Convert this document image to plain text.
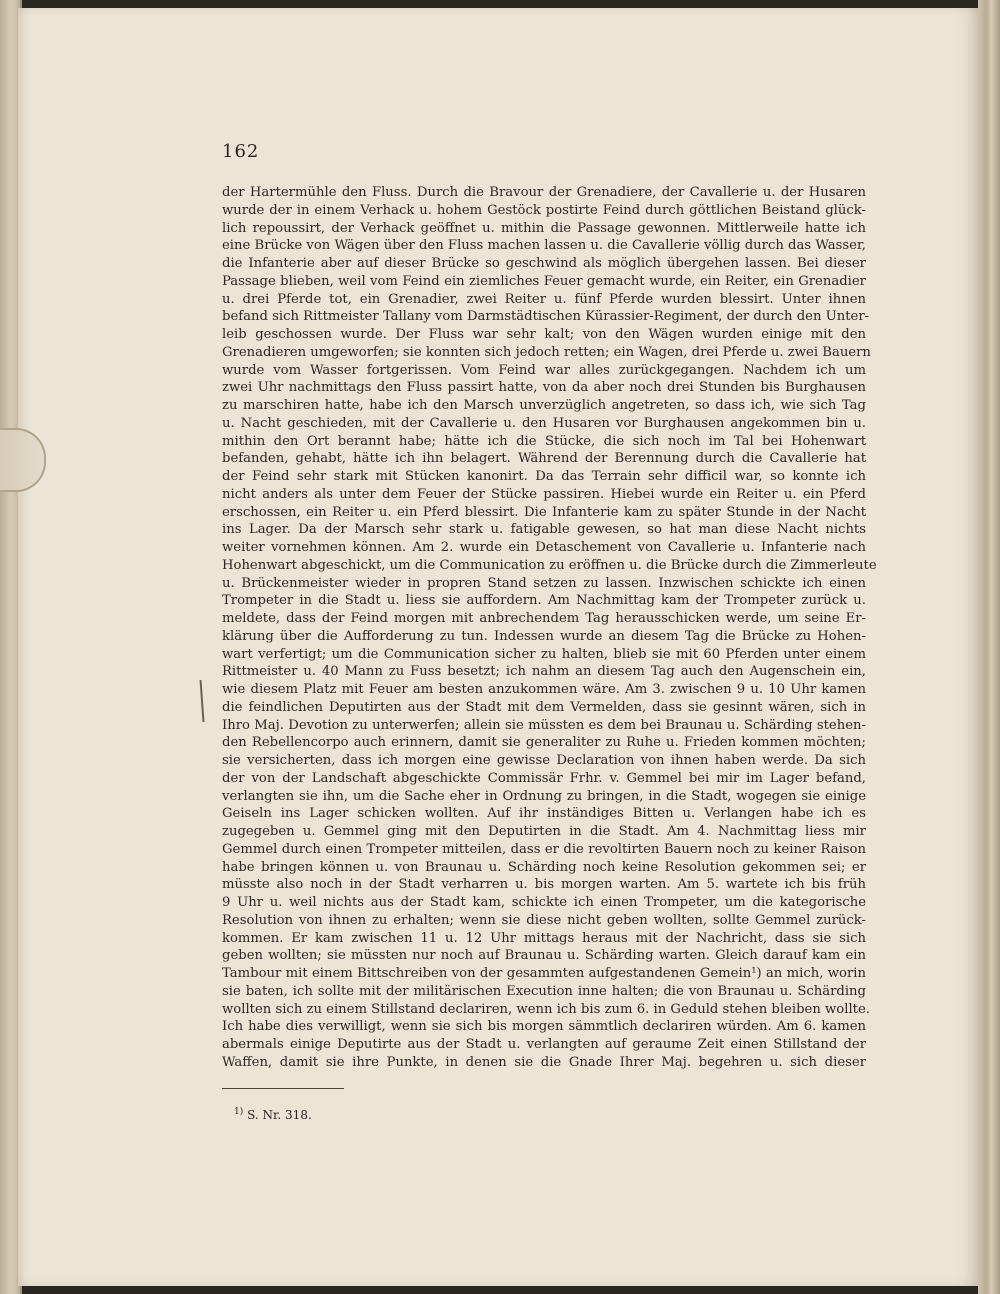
162
der Hartermühle den Fluss. Durch die Bravour der Grenadiere, der Cavallerie u. der Husaren
wurde der in einem Verhack u. hohem Gestöck postirte Feind durch göttlichen Beistand glück-
lich repoussirt, der Verhack geöffnet u. mithin die Passage gewonnen. Mittlerweile hatte ich
eine Brücke von Wägen über den Fluss machen lassen u. die Cavallerie völlig durch das Wasser,
die Infanterie aber auf dieser Brücke so geschwind als möglich übergehen lassen. Bei dieser
Passage blieben, weil vom Feind ein ziemliches Feuer gemacht wurde, ein Reiter, ein Grenadier
u. drei Pferde tot, ein Grenadier, zwei Reiter u. fünf Pferde wurden blessirt. Unter ihnen
befand sich Rittmeister Tallany vom Darmstädtischen Kürassier-Regiment, der durch den Unter-
leib geschossen wurde. Der Fluss war sehr kalt; von den Wägen wurden einige mit den
Grenadieren umgeworfen; sie konnten sich jedoch retten; ein Wagen, drei Pferde u. zwei Bauern
wurde vom Wasser fortgerissen. Vom Feind war alles zurückgegangen. Nachdem ich um
zwei Uhr nachmittags den Fluss passirt hatte, von da aber noch drei Stunden bis Burghausen
zu marschiren hatte, habe ich den Marsch unverzüglich angetreten, so dass ich, wie sich Tag
u. Nacht geschieden, mit der Cavallerie u. den Husaren vor Burghausen angekommen bin u.
mithin den Ort berannt habe; hätte ich die Stücke, die sich noch im Tal bei Hohenwart
befanden, gehabt, hätte ich ihn belagert. Während der Berennung durch die Cavallerie hat
der Feind sehr stark mit Stücken kanonirt. Da das Terrain sehr difficil war, so konnte ich
nicht anders als unter dem Feuer der Stücke passiren. Hiebei wurde ein Reiter u. ein Pferd
erschossen, ein Reiter u. ein Pferd blessirt. Die Infanterie kam zu später Stunde in der Nacht
ins Lager. Da der Marsch sehr stark u. fatigable gewesen, so hat man diese Nacht nichts
weiter vornehmen können. Am 2. wurde ein Detaschement von Cavallerie u. Infanterie nach
Hohenwart abgeschickt, um die Communication zu eröffnen u. die Brücke durch die Zimmerleute
u. Brückenmeister wieder in propren Stand setzen zu lassen. Inzwischen schickte ich einen
Trompeter in die Stadt u. liess sie auffordern. Am Nachmittag kam der Trompeter zurück u.
meldete, dass der Feind morgen mit anbrechendem Tag herausschicken werde, um seine Er-
klärung über die Aufforderung zu tun. Indessen wurde an diesem Tag die Brücke zu Hohen-
wart verfertigt; um die Communication sicher zu halten, blieb sie mit 60 Pferden unter einem
Rittmeister u. 40 Mann zu Fuss besetzt; ich nahm an diesem Tag auch den Augenschein ein,
wie diesem Platz mit Feuer am besten anzukommen wäre. Am 3. zwischen 9 u. 10 Uhr kamen
die feindlichen Deputirten aus der Stadt mit dem Vermelden, dass sie gesinnt wären, sich in
Ihro Maj. Devotion zu unterwerfen; allein sie müssten es dem bei Braunau u. Schärding stehen-
den Rebellencorpo auch erinnern, damit sie generaliter zu Ruhe u. Frieden kommen möchten;
sie versicherten, dass ich morgen eine gewisse Declaration von ihnen haben werde. Da sich
der von der Landschaft abgeschickte Commissär Frhr. v. Gemmel bei mir im Lager befand,
verlangten sie ihn, um die Sache eher in Ordnung zu bringen, in die Stadt, wogegen sie einige
Geiseln ins Lager schicken wollten. Auf ihr inständiges Bitten u. Verlangen habe ich es
zugegeben u. Gemmel ging mit den Deputirten in die Stadt. Am 4. Nachmittag liess mir
Gemmel durch einen Trompeter mitteilen, dass er die revoltirten Bauern noch zu keiner Raison
habe bringen können u. von Braunau u. Schärding noch keine Resolution gekommen sei; er
müsste also noch in der Stadt verharren u. bis morgen warten. Am 5. wartete ich bis früh
9 Uhr u. weil nichts aus der Stadt kam, schickte ich einen Trompeter, um die kategorische
Resolution von ihnen zu erhalten; wenn sie diese nicht geben wollten, sollte Gemmel zurück-
kommen. Er kam zwischen 11 u. 12 Uhr mittags heraus mit der Nachricht, dass sie sich
geben wollten; sie müssten nur noch auf Braunau u. Schärding warten. Gleich darauf kam ein
Tambour mit einem Bittschreiben von der gesammten aufgestandenen Gemein¹) an mich, worin
sie baten, ich sollte mit der militärischen Execution inne halten; die von Braunau u. Schärding
wollten sich zu einem Stillstand declariren, wenn ich bis zum 6. in Geduld stehen bleiben wollte.
Ich habe dies verwilligt, wenn sie sich bis morgen sämmtlich declariren würden. Am 6. kamen
abermals einige Deputirte aus der Stadt u. verlangten auf geraume Zeit einen Stillstand der
Waffen, damit sie ihre Punkte, in denen sie die Gnade Ihrer Maj. begehren u. sich dieser
$^{1)}$ S. Nr. 318.
